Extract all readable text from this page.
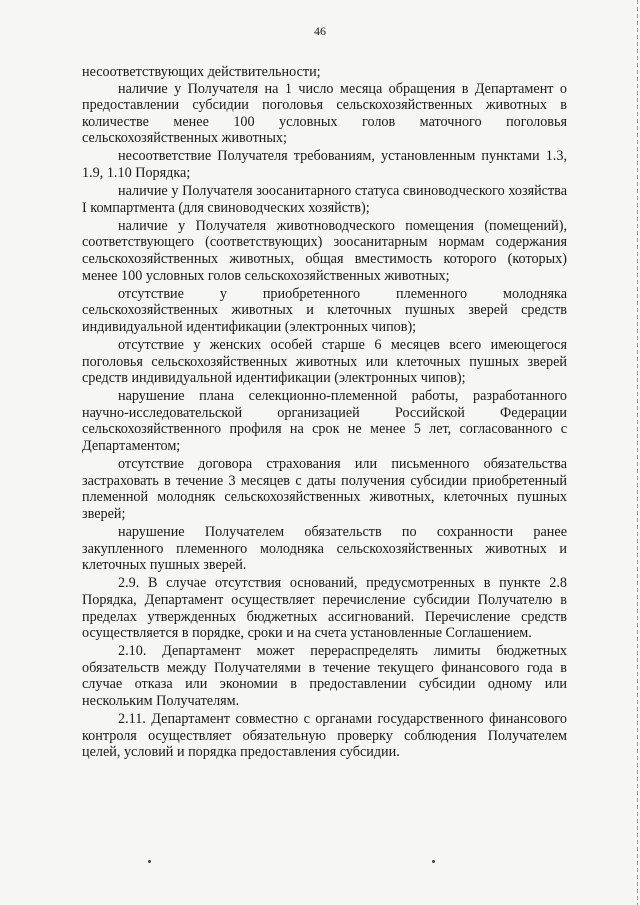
46

несоответствующих действительности;

наличие у Получателя на 1 число месяца обращения в Департамент о предоставлении субсидии поголовья сельскохозяйственных животных в количестве менее 100 условных голов маточного поголовья сельскохозяйственных животных;

несоответствие Получателя требованиям, установленным пунктами 1.3, 1.9, 1.10 Порядка;

наличие у Получателя зоосанитарного статуса свиноводческого хозяйства I компартмента (для свиноводческих хозяйств);

наличие у Получателя животноводческого помещения (помещений), соответствующего (соответствующих) зоосанитарным нормам содержания сельскохозяйственных животных, общая вместимость которого (которых) менее 100 условных голов сельскохозяйственных животных;

отсутствие у приобретенного племенного молодняка сельскохозяйственных животных и клеточных пушных зверей средств индивидуальной идентификации (электронных чипов);

отсутствие у женских особей старше 6 месяцев всего имеющегося поголовья сельскохозяйственных животных или клеточных пушных зверей средств индивидуальной идентификации (электронных чипов);

нарушение плана селекционно-племенной работы, разработанного научно-исследовательской организацией Российской Федерации сельскохозяйственного профиля на срок не менее 5 лет, согласованного с Департаментом;

отсутствие договора страхования или письменного обязательства застраховать в течение 3 месяцев с даты получения субсидии приобретенный племенной молодняк сельскохозяйственных животных, клеточных пушных зверей;

нарушение Получателем обязательств по сохранности ранее закупленного племенного молодняка сельскохозяйственных животных и клеточных пушных зверей.

2.9. В случае отсутствия оснований, предусмотренных в пункте 2.8 Порядка, Департамент осуществляет перечисление субсидии Получателю в пределах утвержденных бюджетных ассигнований. Перечисление средств осуществляется в порядке, сроки и на счета установленные Соглашением.

2.10. Департамент может перераспределять лимиты бюджетных обязательств между Получателями в течение текущего финансового года в случае отказа или экономии в предоставлении субсидии одному или нескольким Получателям.

2.11. Департамент совместно с органами государственного финансового контроля осуществляет обязательную проверку соблюдения Получателем целей, условий и порядка предоставления субсидии.
